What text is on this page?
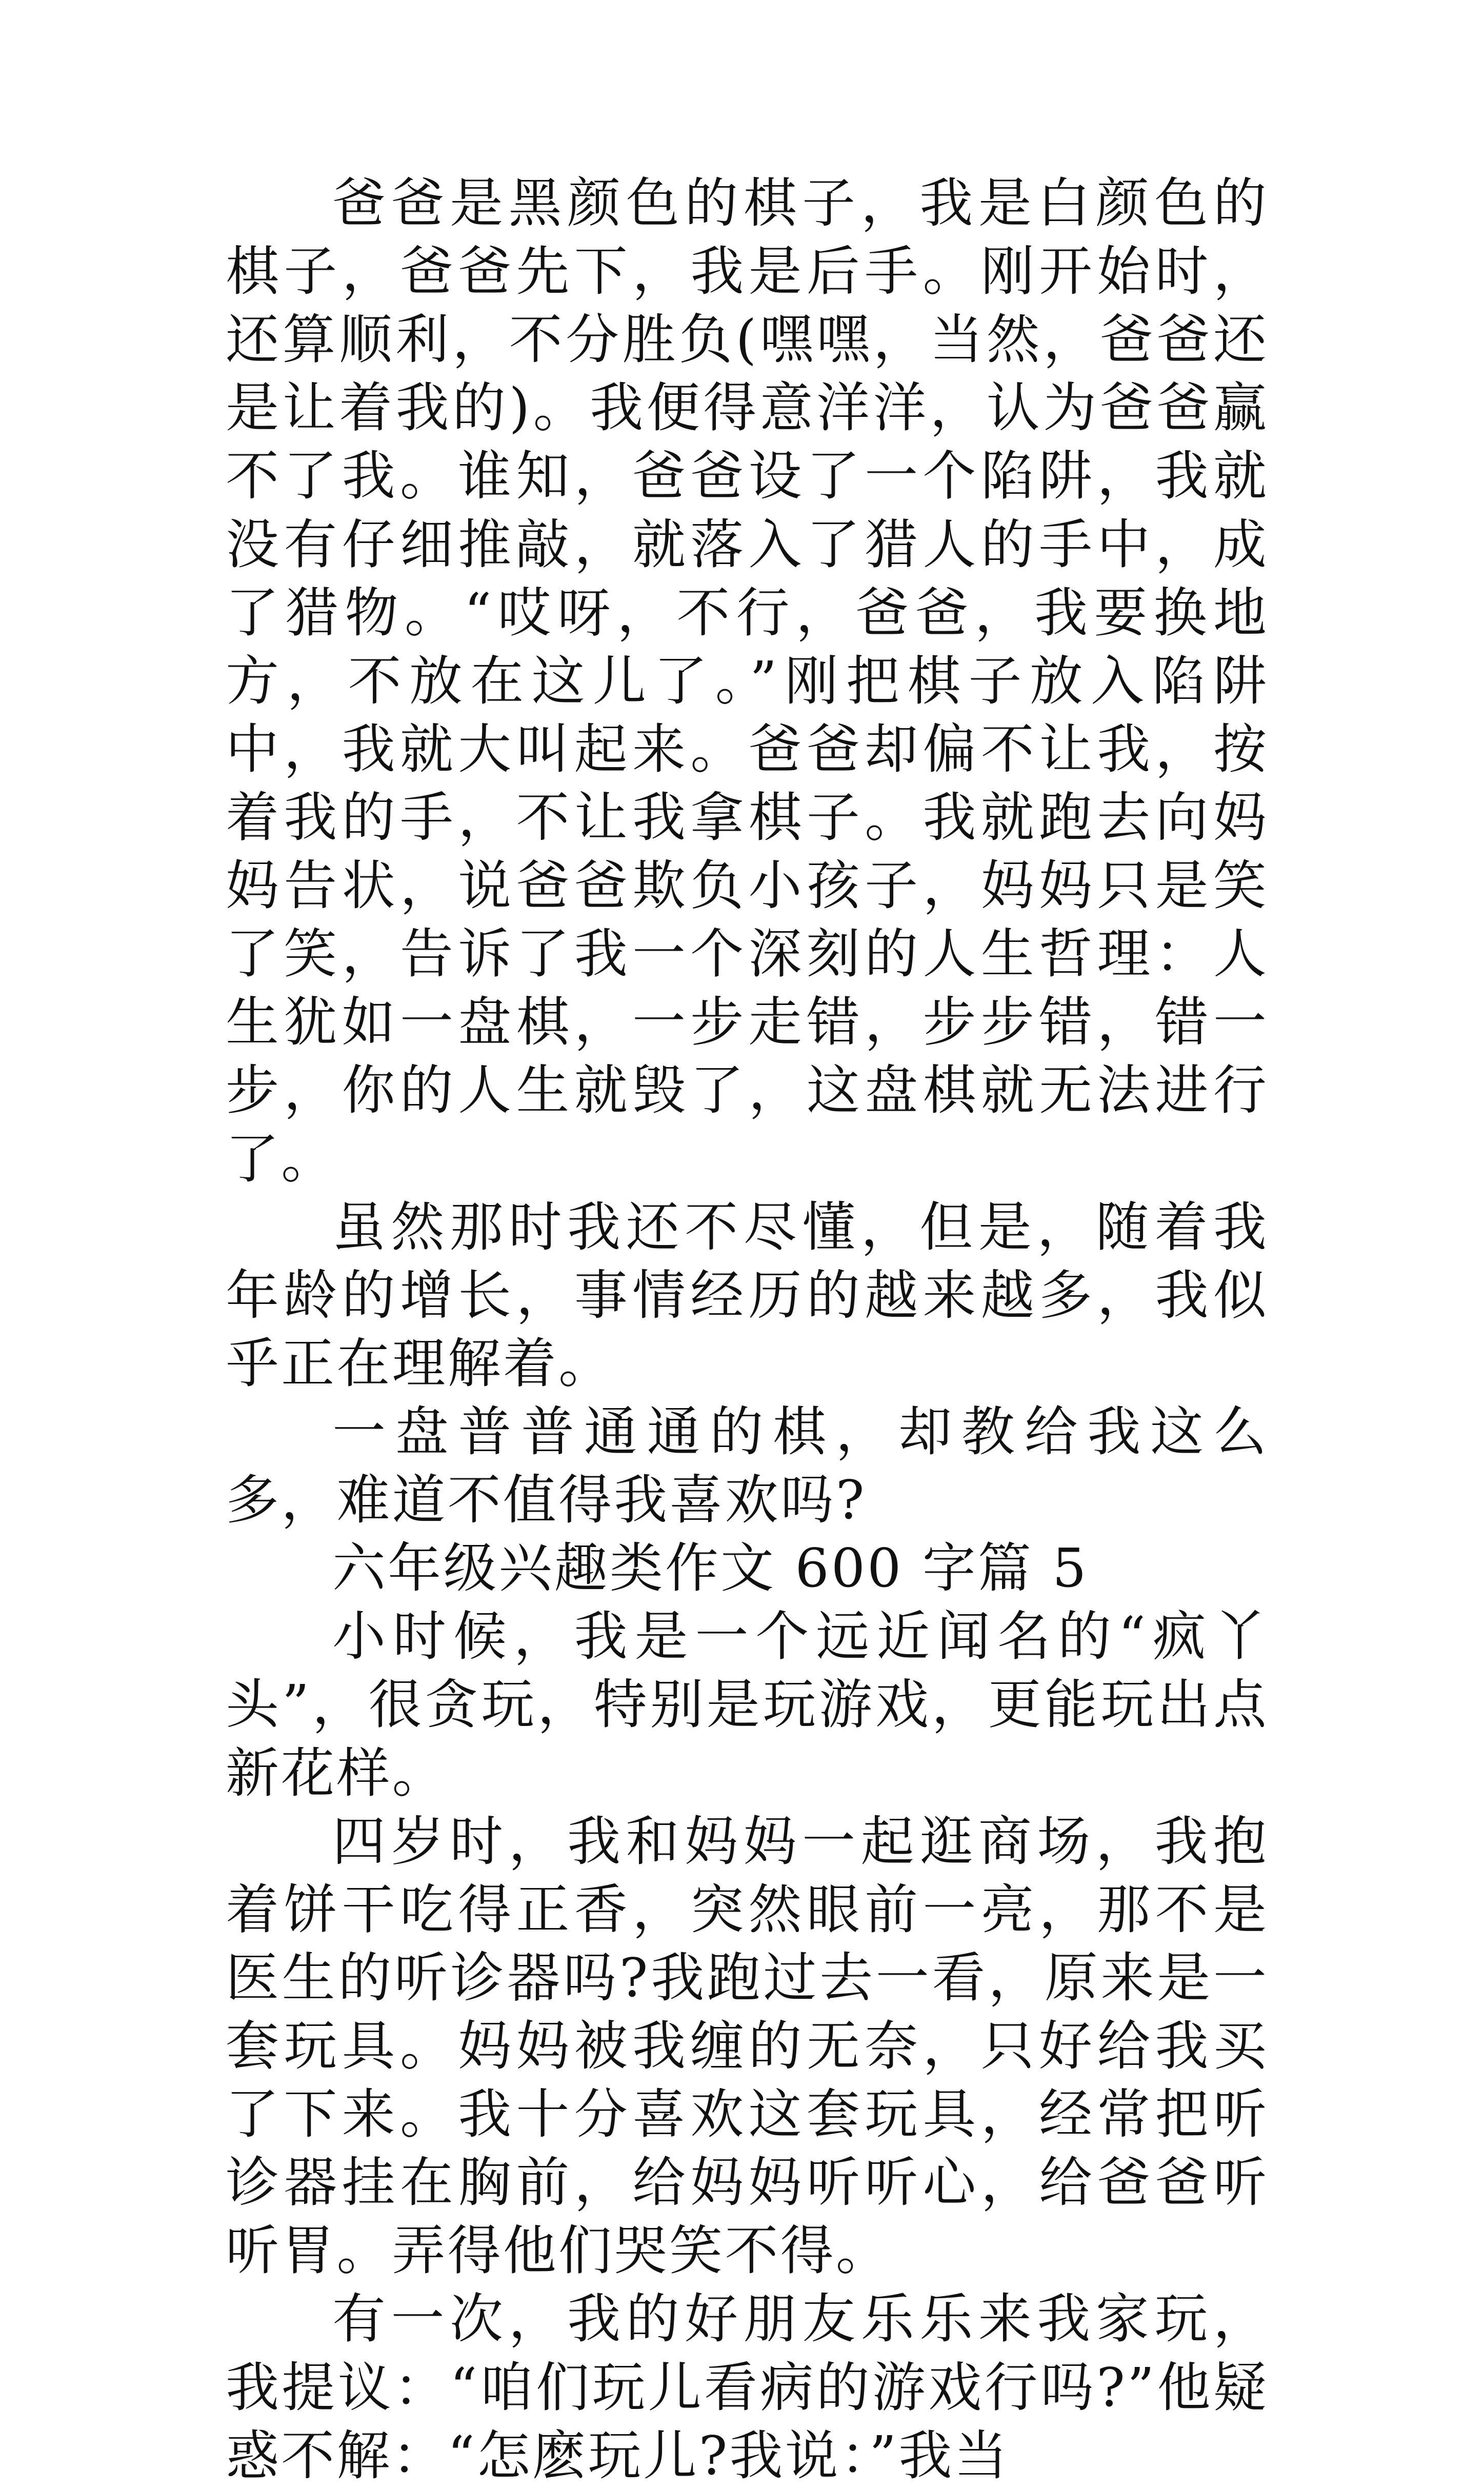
爸爸是黑颜色的棋子，我是白颜色的棋子，爸爸先下，我是后手。刚开始时，还算顺利，不分胜负(嘿嘿，当然，爸爸还是让着我的)。我便得意洋洋，认为爸爸赢不了我。谁知，爸爸设了一个陷阱，我就没有仔细推敲，就落入了猎人的手中，成了猎物。“哎呀，不行，爸爸，我要换地方，不放在这儿了。”刚把棋子放入陷阱中，我就大叫起来。爸爸却偏不让我，按着我的手，不让我拿棋子。我就跑去向妈妈告状，说爸爸欺负小孩子，妈妈只是笑了笑，告诉了我一个深刻的人生哲理：人生犹如一盘棋，一步走错，步步错，错一步，你的人生就毁了，这盘棋就无法进行了。

虽然那时我还不尽懂，但是，随着我年龄的增长，事情经历的越来越多，我似乎正在理解着。

一盘普普通通的棋，却教给我这么多，难道不值得我喜欢吗?

六年级兴趣类作文 600 字篇 5

小时候，我是一个远近闻名的“疯丫头”，很贪玩，特别是玩游戏，更能玩出点新花样。

四岁时，我和妈妈一起逛商场，我抱着饼干吃得正香，突然眼前一亮，那不是医生的听诊器吗?我跑过去一看，原来是一套玩具。妈妈被我缠的无奈，只好给我买了下来。我十分喜欢这套玩具，经常把听诊器挂在胸前，给妈妈听听心，给爸爸听听胃。弄得他们哭笑不得。

有一次，我的好朋友乐乐来我家玩，我提议：“咱们玩儿看病的游戏行吗?”他疑惑不解：“怎麽玩儿?我说：”我当
